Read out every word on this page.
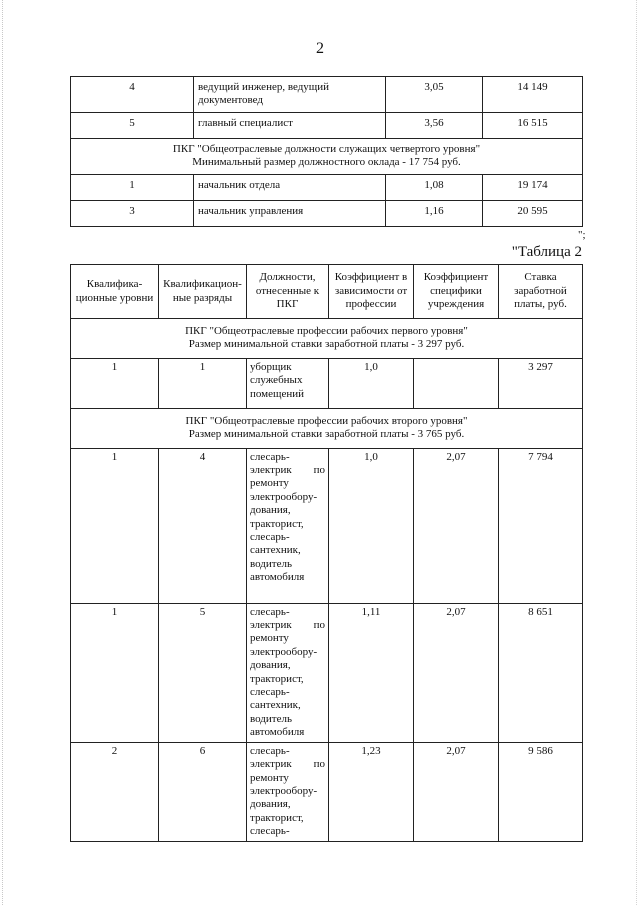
2
4	ведущий инженер, ведущий документовед	3,05	14 149
5	главный специалист	3,56	16 515

ПКГ "Общеотраслевые должности служащих четвертого уровня"
Минимальный размер должностного оклада - 17 754 руб.			

1	начальник отдела	1,08	19 174
3	начальник управления	1,16	20 595
";
"Таблица 2
Квалифика-ционные уровни	Квалификацион-ные разряды	Должности, отнесенные к ПКГ	Коэффициент в зависимости от профессии	Коэффициент специфики учреждения	Ставка заработной платы, руб.

ПКГ "Общеотраслевые профессии рабочих первого уровня"
Размер минимальной ставки заработной платы - 3 297 руб.					

1	1	уборщик служебных помещений	1,0		3 297

ПКГ "Общеотраслевые профессии рабочих второго уровня"
Размер минимальной ставки заработной платы - 3 765 руб.					

1	4	слесарь-электрик по ремонту электрообору-дования, тракторист, слесарь-сантехник, водитель автомобиля	1,0	2,07	7 794
1	5	слесарь-электрик по ремонту электрообору-дования, тракторист, слесарь-сантехник, водитель автомобиля	1,11	2,07	8 651
2	6	слесарь-электрик по ремонту электрообору-дования, тракторист, слесарь-	1,23	2,07	9 586
